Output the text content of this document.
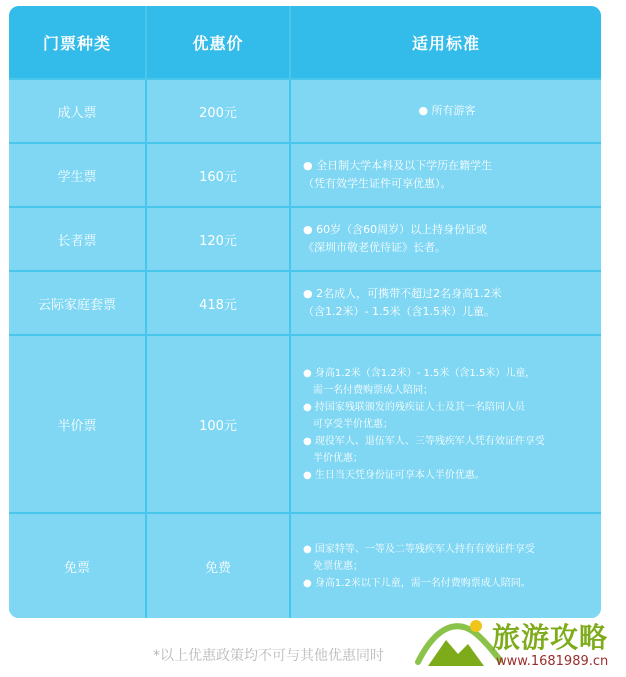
门票种类	优惠价	适用标准
成人票	200元	● 所有游客
学生票	160元
● 全日制大学本科及以下学历在籍学生
（凭有效学生证件可享优惠）。
长者票	120元
● 60岁（含60周岁）以上持身份证或
《深圳市敬老优待证》长者。
云际家庭套票	418元
● 2名成人，可携带不超过2名身高1.2米
（含1.2米）- 1.5米（含1.5米）儿童。
半价票	100元
● 身高1.2米（含1.2米）- 1.5米（含1.5米）儿童，
需一名付费购票成人陪同；
● 持国家残联颁发的残疾证人士及其一名陪同人员
可享受半价优惠；
● 现役军人、退伍军人、三等残疾军人凭有效证件享受
半价优惠；
● 生日当天凭身份证可享本人半价优惠。
免票	免费
● 国家特等、一等及二等残疾军人持有有效证件享受
免票优惠；
● 身高1.2米以下儿童，需一名付费购票成人陪同。
*以上优惠政策均不可与其他优惠同时
旅游攻略
www.1681989.cn
